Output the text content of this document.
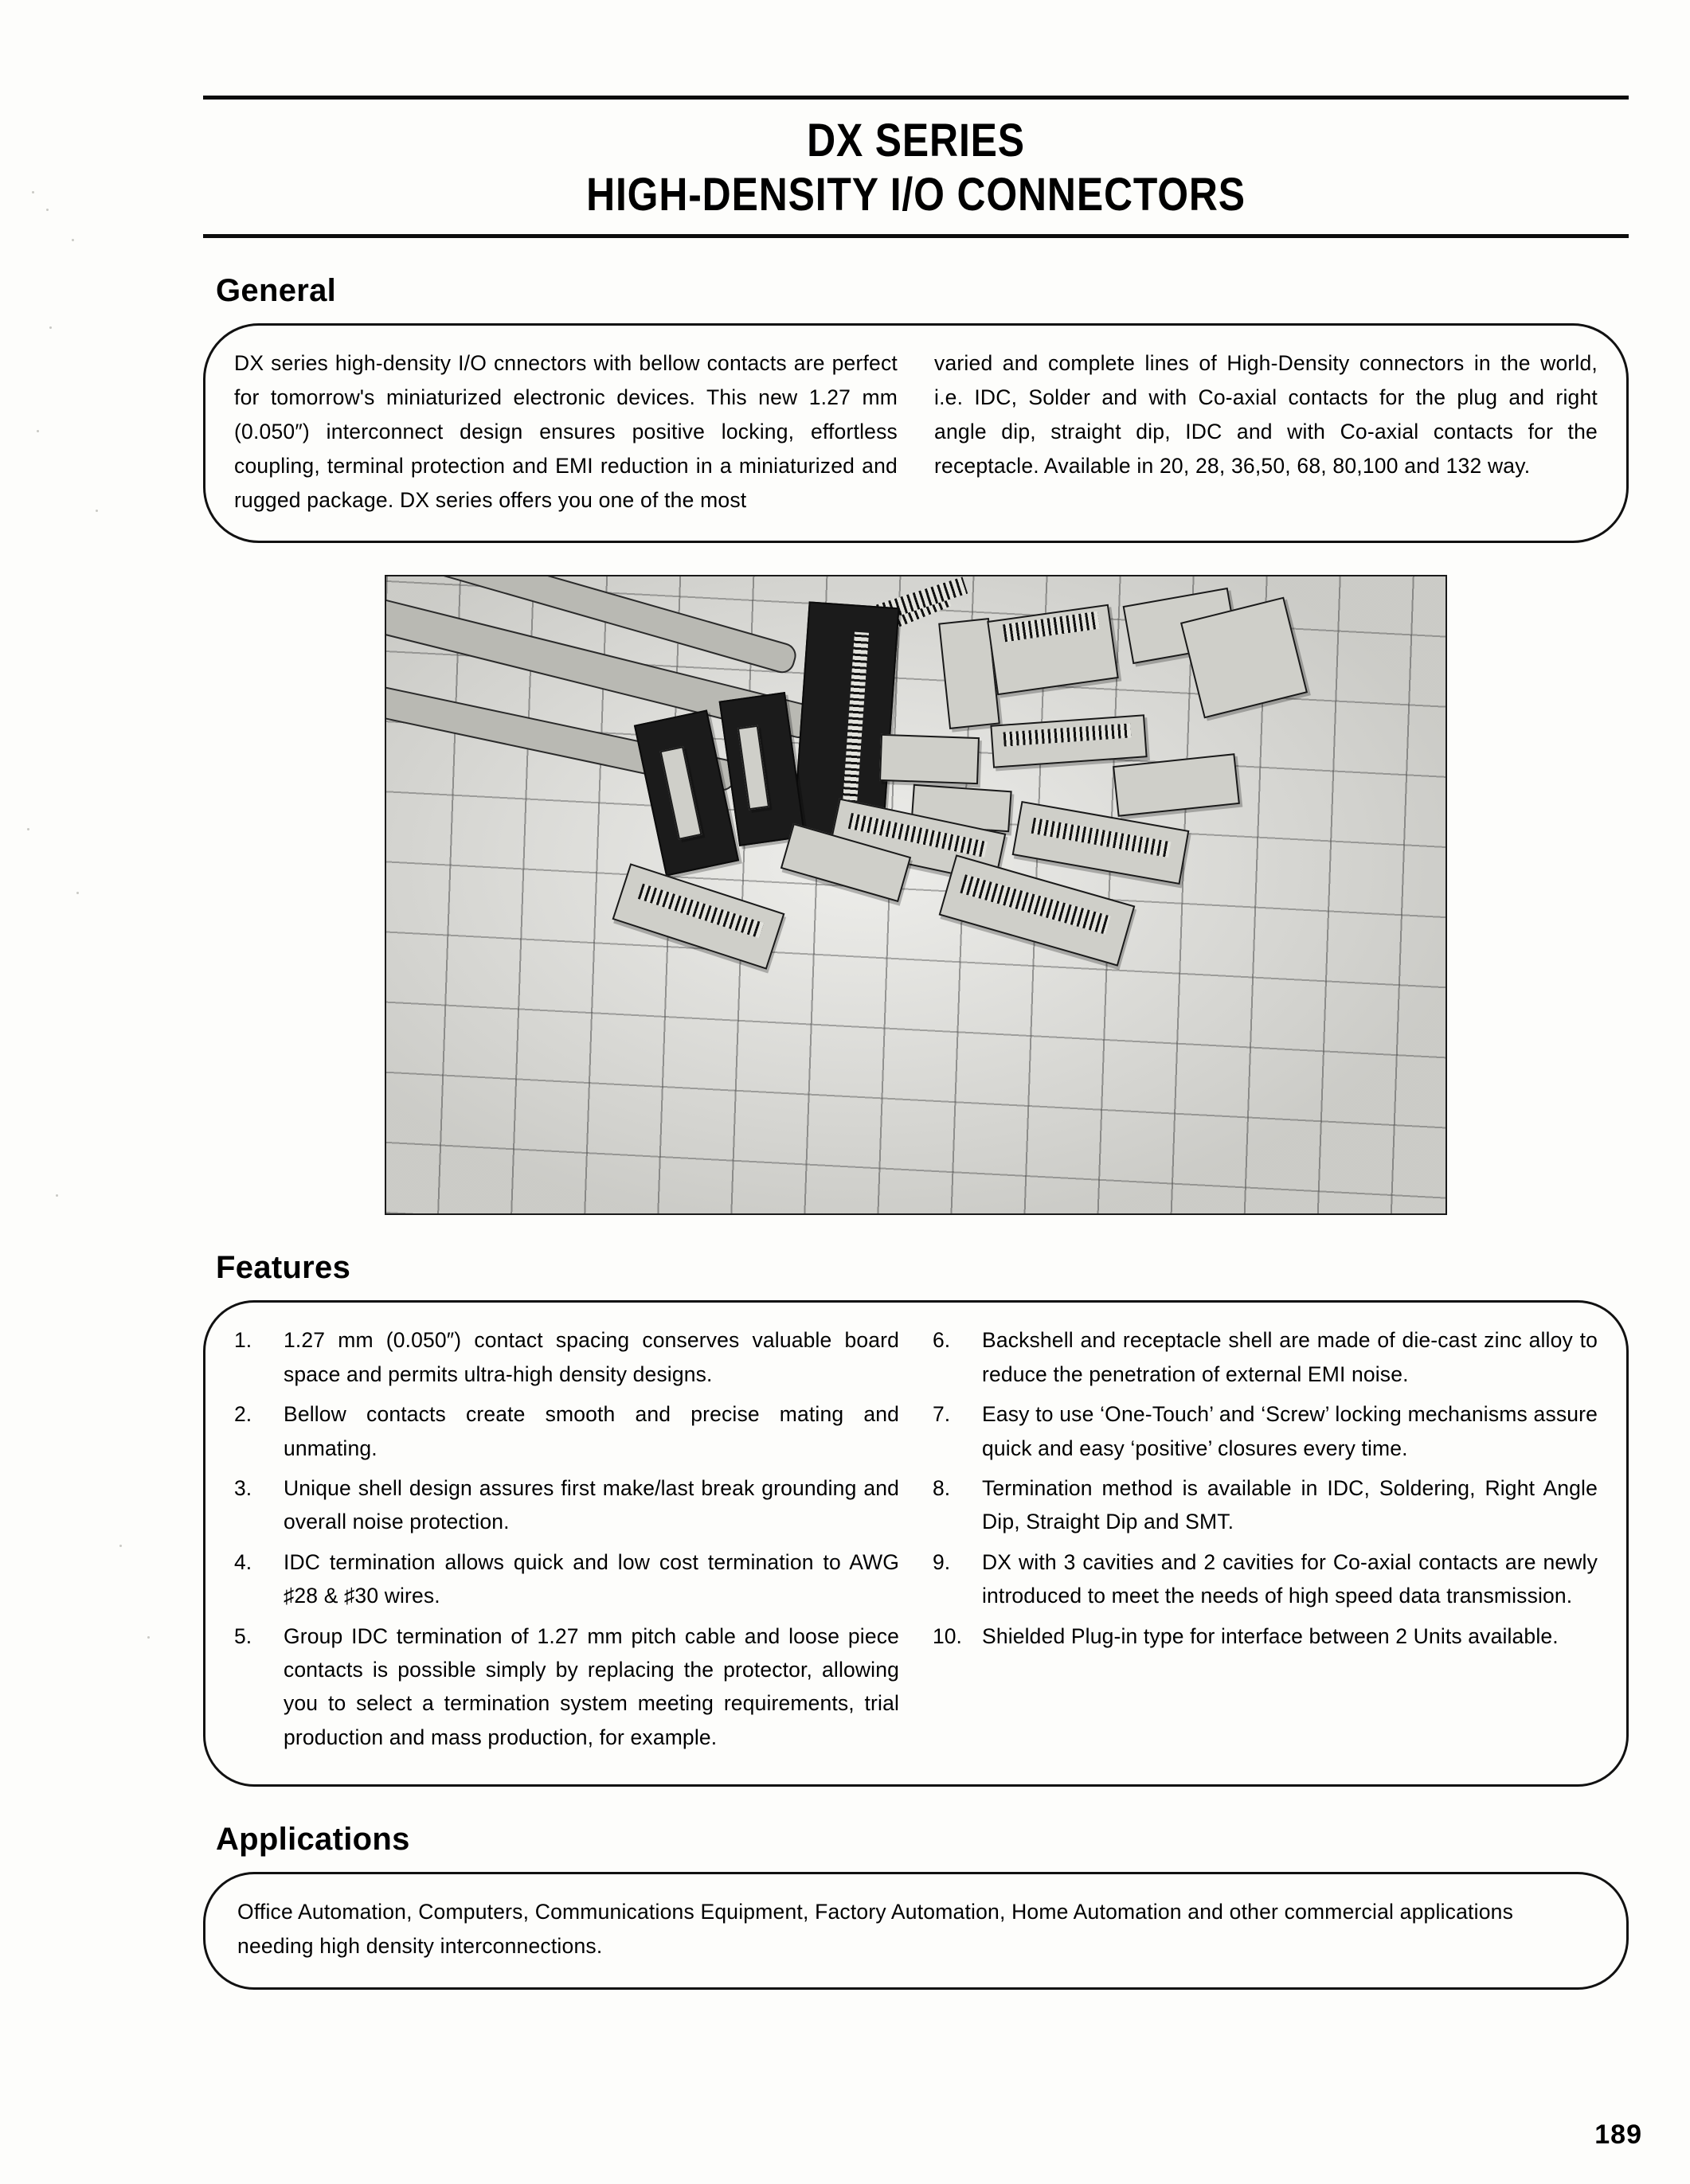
DX SERIES
HIGH-DENSITY I/O CONNECTORS
General
DX series high-density I/O cnnectors with bellow contacts are perfect for tomorrow's miniaturized electronic devices. This new 1.27 mm (0.050″) interconnect design ensures positive locking, effortless coupling, terminal protection and EMI reduction in a miniaturized and rugged package. DX series offers you one of the most
varied and complete lines of High-Density connectors in the world, i.e. IDC, Solder and with Co-axial contacts for the plug and right angle dip, straight dip, IDC and with Co-axial contacts for the receptacle. Available in 20, 28, 36,50, 68, 80,100 and 132 way.
Features
1.	1.27 mm (0.050″) contact spacing conserves valuable board space and permits ultra-high density designs.
2.	Bellow contacts create smooth and precise mating and unmating.
3.	Unique shell design assures first make/last break grounding and overall noise protection.
4.	IDC termination allows quick and low cost termination to AWG ♯28 & ♯30 wires.
5.	Group IDC termination of 1.27 mm pitch cable and loose piece contacts is possible simply by replacing the protector, allowing you to select a termination system meeting requirements, trial production and mass production, for example.
6.	Backshell and receptacle shell are made of die-cast zinc alloy to reduce the penetration of external EMI noise.
7.	Easy to use ‘One-Touch’ and ‘Screw’ locking mechanisms assure quick and easy ‘positive’ closures every time.
8.	Termination method is available in IDC, Soldering, Right Angle Dip, Straight Dip and SMT.
9.	DX with 3 cavities and 2 cavities for Co-axial contacts are newly introduced to meet the needs of high speed data transmission.
10. Shielded Plug-in type for interface between 2 Units available.
Applications
Office Automation, Computers, Communications Equipment, Factory Automation, Home Automation and other commercial applications needing high density interconnections.
189
